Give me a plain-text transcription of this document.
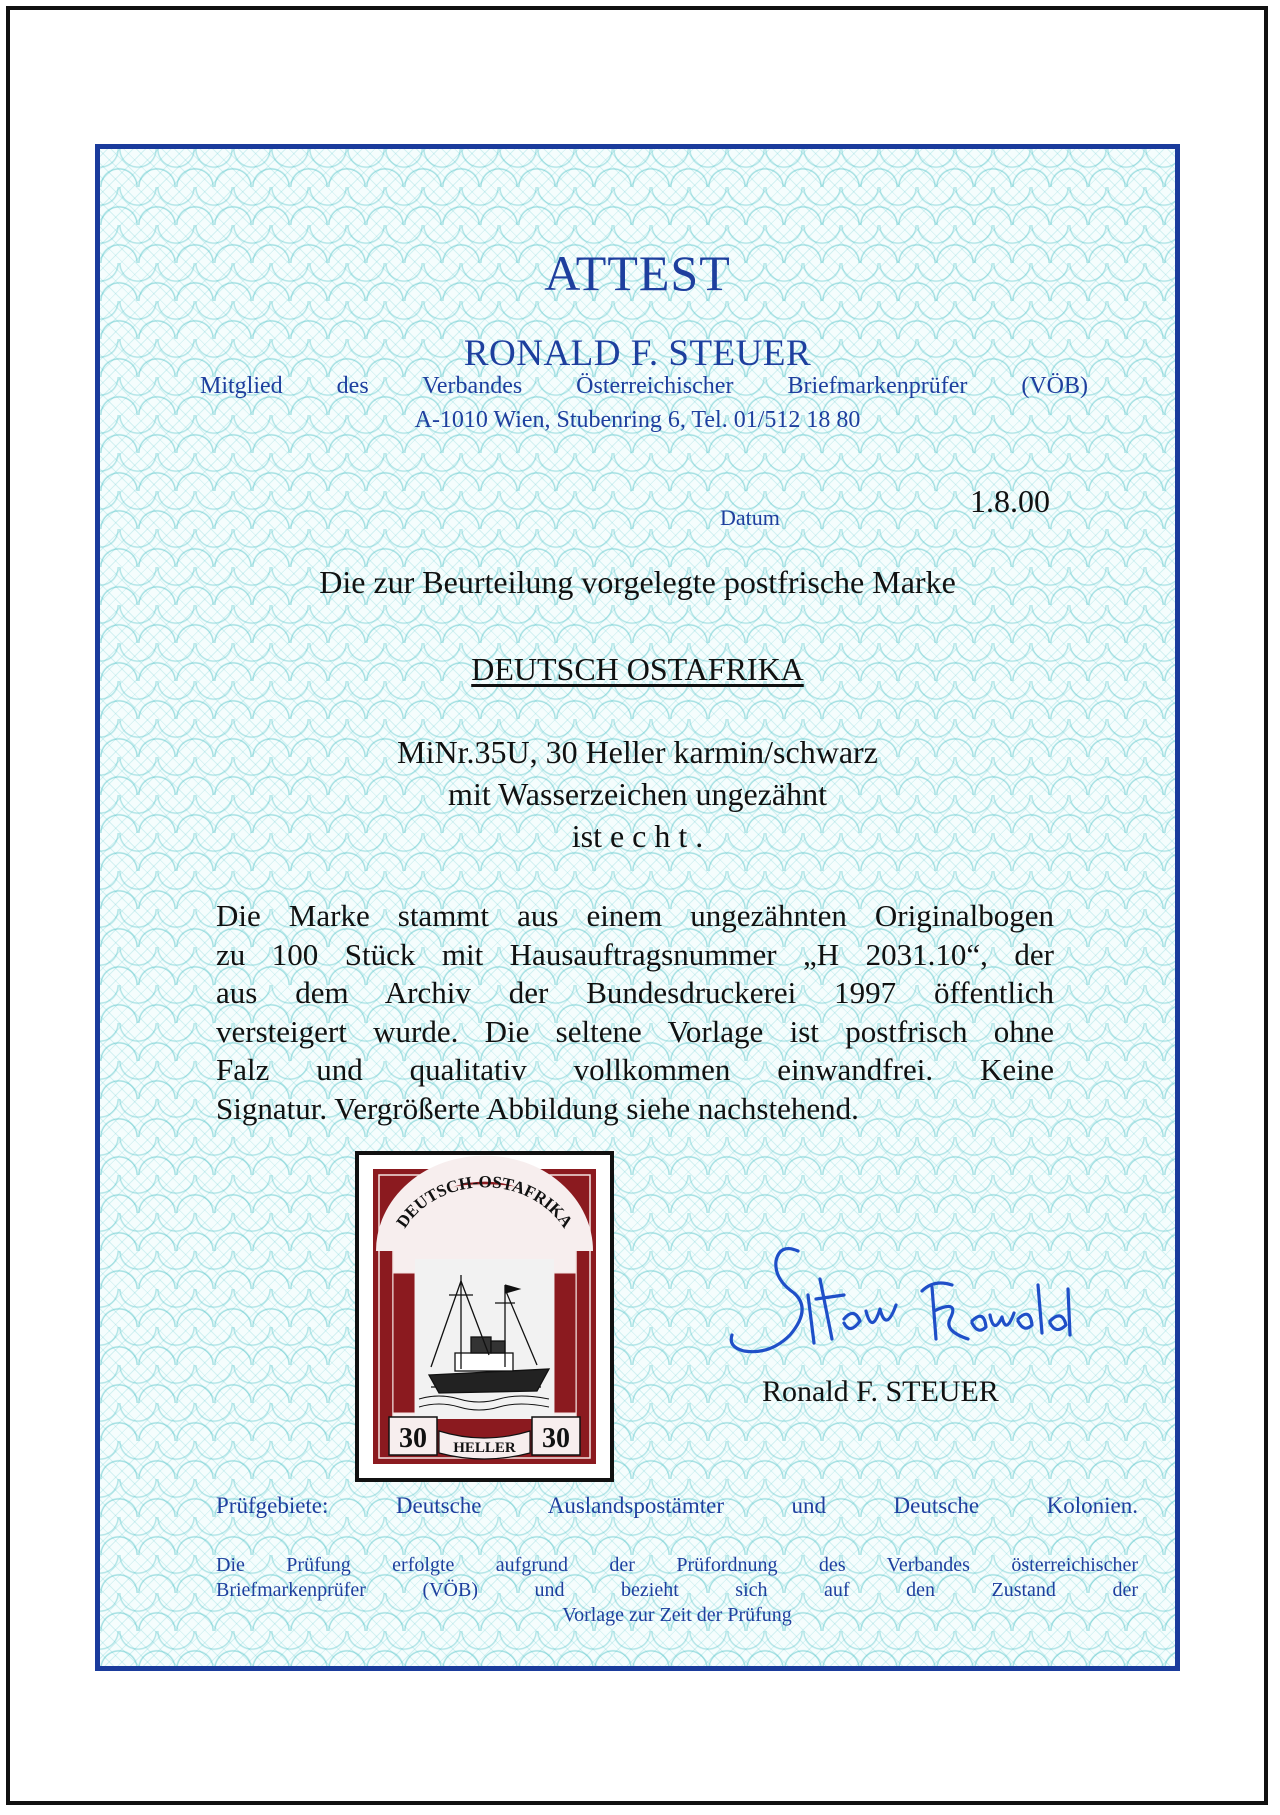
ATTEST
RONALD F. STEUER
Mitglied des Verbandes Österreichischer Briefmarkenprüfer (VÖB)
A-1010 Wien, Stubenring 6, Tel. 01/512 18 80
Datum	1.8.00
Die zur Beurteilung vorgelegte postfrische Marke
DEUTSCH OSTAFRIKA
MiNr.35U, 30 Heller karmin/schwarz
mit Wasserzeichen ungezähnt
ist e c h t .
Die Marke stammt aus einem ungezähnten Originalbogen
zu 100 Stück mit Hausauftragsnummer „H 2031.10“, der
aus dem Archiv der Bundesdruckerei 1997 öffentlich
versteigert wurde. Die seltene Vorlage ist postfrisch ohne
Falz und qualitativ vollkommen einwandfrei. Keine
Signatur. Vergrößerte Abbildung siehe nachstehend.
DEUTSCH-OSTAFRIKA
30	30
HELLER
Ronald F. STEUER
Prüfgebiete: Deutsche Auslandspostämter und Deutsche Kolonien.
Die Prüfung erfolgte aufgrund der Prüfordnung des Verbandes österreichischer
Briefmarkenprüfer (VÖB) und bezieht sich auf den Zustand der
Vorlage zur Zeit der Prüfung
